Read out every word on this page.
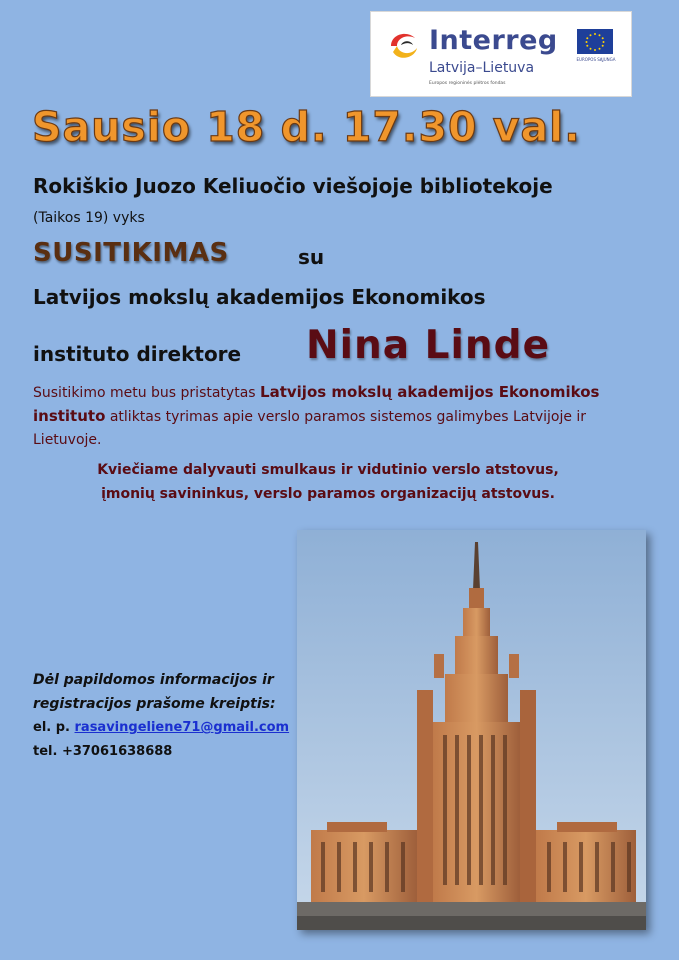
Interreg
Latvija–Lietuva
Europos regioninės plėtros fondas
EUROPOS SĄJUNGA
Sausio 18 d. 17.30 val.
Rokiškio Juozo Keliuočio viešojoje bibliotekoje
(Taikos 19) vyks
SUSITIKIMAS	su
Latvijos mokslų akademijos Ekonomikos
instituto direktore Nina Linde
Susitikimo metu bus pristatytas Latvijos mokslų akademijos Ekonomikos instituto atliktas tyrimas apie verslo paramos sistemos galimybes Latvijoje ir Lietuvoje.
Kviečiame dalyvauti smulkaus ir vidutinio verslo atstovus,
įmonių savininkus, verslo paramos organizacijų atstovus.
Dėl papildomos informacijos ir
registracijos prašome kreiptis:
el. p. rasavingeliene71@gmail.com
tel. +37061638688
